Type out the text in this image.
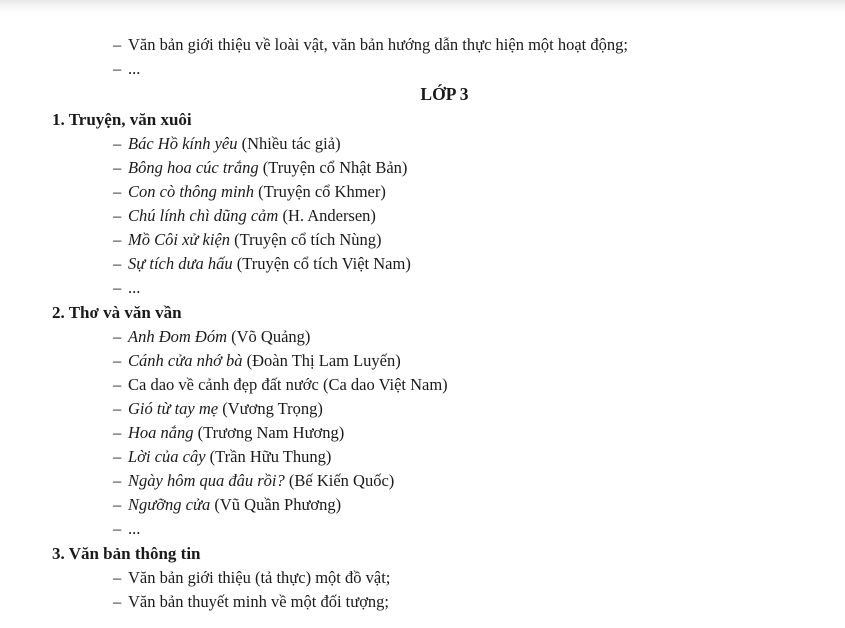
– Văn bản giới thiệu về loài vật, văn bản hướng dẫn thực hiện một hoạt động;
– ...
LỚP 3
1. Truyện, văn xuôi
– Bác Hồ kính yêu (Nhiều tác giả)
– Bông hoa cúc trắng (Truyện cổ Nhật Bản)
– Con cò thông minh (Truyện cổ Khmer)
– Chú lính chì dũng cảm (H. Andersen)
– Mồ Côi xử kiện (Truyện cổ tích Nùng)
– Sự tích dưa hấu (Truyện cổ tích Việt Nam)
– ...
2. Thơ và văn vần
– Anh Đom Đóm (Võ Quảng)
– Cánh cửa nhớ bà (Đoàn Thị Lam Luyến)
– Ca dao về cảnh đẹp đất nước (Ca dao Việt Nam)
– Gió từ tay mẹ (Vương Trọng)
– Hoa nắng (Trương Nam Hương)
– Lời của cây (Trần Hữu Thung)
– Ngày hôm qua đâu rồi? (Bế Kiến Quốc)
– Ngưỡng cửa (Vũ Quần Phương)
– ...
3. Văn bản thông tin
– Văn bản giới thiệu (tả thực) một đồ vật;
– Văn bản thuyết minh về một đối tượng;
